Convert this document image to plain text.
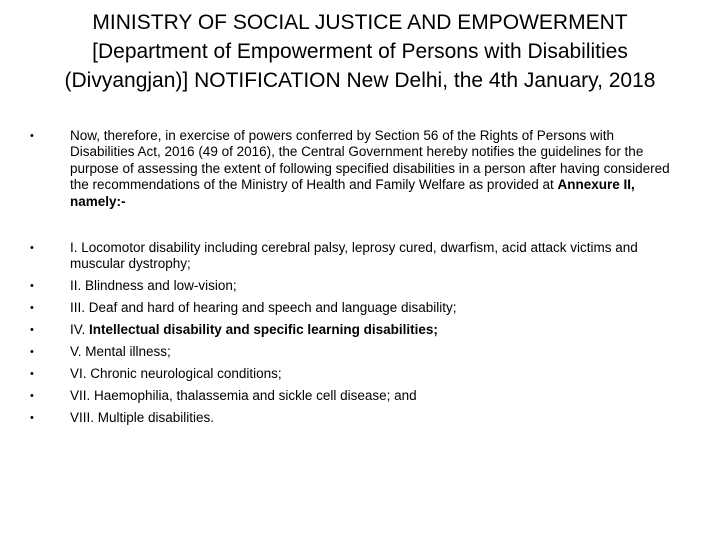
MINISTRY OF SOCIAL JUSTICE AND EMPOWERMENT
[Department of Empowerment of Persons with Disabilities
(Divyangjan)] NOTIFICATION New Delhi, the 4th January, 2018
•	Now, therefore, in exercise of powers conferred by Section 56 of the Rights of Persons with Disabilities Act, 2016 (49 of 2016), the Central Government hereby notifies the guidelines for the purpose of assessing the extent of following specified disabilities in a person after having considered the recommendations of the Ministry of Health and Family Welfare as provided at Annexure II, namely:-
•	I. Locomotor disability including cerebral palsy, leprosy cured, dwarfism, acid attack victims and muscular dystrophy;
•	II. Blindness and low-vision;
•	III. Deaf and hard of hearing and speech and language disability;
•	IV. Intellectual disability and specific learning disabilities;
•	V. Mental illness;
•	VI. Chronic neurological conditions;
•	VII. Haemophilia, thalassemia and sickle cell disease; and
•	VIII. Multiple disabilities.
